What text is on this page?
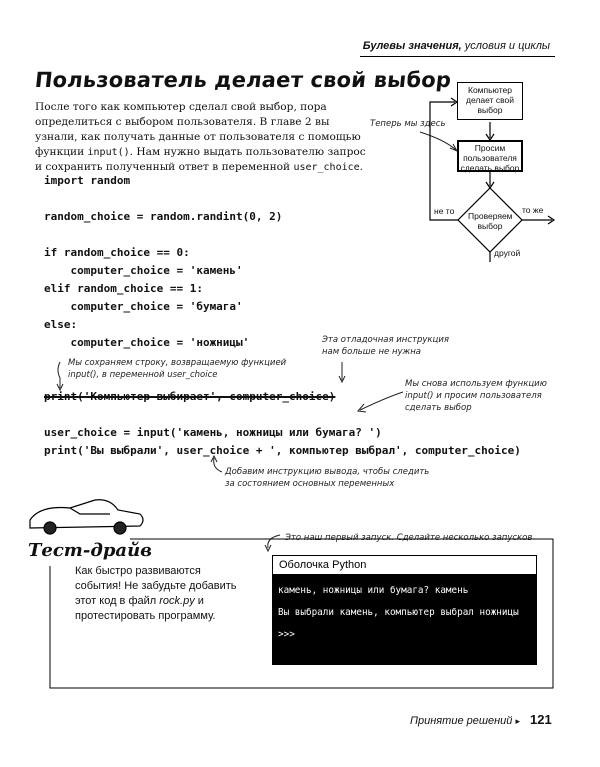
Булевы значения, условия и циклы
Пользователь делает свой выбор
После того как компьютер сделал свой выбор, пора определиться с выбором пользователя. В главе 2 вы узнали, как получать данные от пользователя с помощью функции input(). Нам нужно выдать пользователю запрос и сохранить полученный ответ в переменной user_choice.

import random

random_choice = random.randint(0, 2)

if random_choice == 0:

computer_choice = 'камень'

elif random_choice == 1:

computer_choice = 'бумага'

else:

computer_choice = 'ножницы'

print('Компьютер выбирает', computer_choice)

user_choice = input('камень, ножницы или бумага? ')

print('Вы выбрали', user_choice + ', компьютер выбрал', computer_choice)

Эта отладочная инструкция
нам больше не нужна
Мы сохраняем строку, возвращаемую функцией
input(), в переменной user_choice
Мы снова используем функцию
input() и просим пользователя
сделать выбор
Добавим инструкцию вывода, чтобы следить
за состоянием основных переменных
Это наш первый запуск. Сделайте несколько запусков
Компьютер делает свой выбор
Теперь мы здесь
Просим пользователя сделать выбор
Проверяем выбор
не то	то же
другой
Тест-драйв
Как быстро развиваются события! Не забудьте добавить этот код в файл rock.py и протестировать программу.
Оболочка Python
камень, ножницы или бумага? камень
Вы выбрали камень, компьютер выбрал ножницы
>>>
Принятие решений ▸ 121
